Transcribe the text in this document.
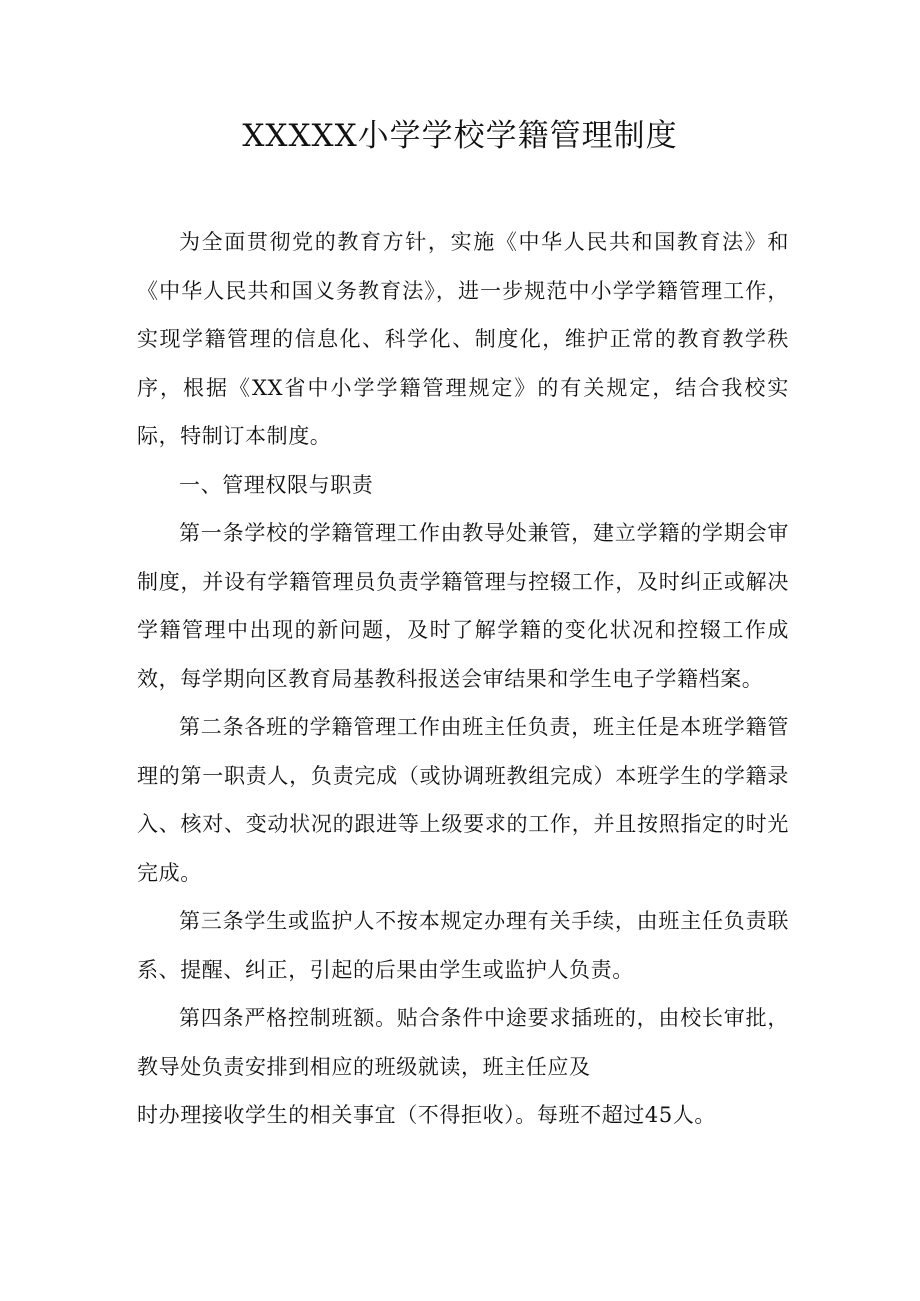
XXXXX小学学校学籍管理制度

为全面贯彻党的教育方针，实施《中华人民共和国教育法》和《中华人民共和国义务教育法》，进一步规范中小学学籍管理工作，实现学籍管理的信息化、科学化、制度化，维护正常的教育教学秩序，根据《XX省中小学学籍管理规定》的有关规定，结合我校实际，特制订本制度。

一、管理权限与职责

第一条学校的学籍管理工作由教导处兼管，建立学籍的学期会审制度，并设有学籍管理员负责学籍管理与控辍工作，及时纠正或解决学籍管理中出现的新问题，及时了解学籍的变化状况和控辍工作成效，每学期向区教育局基教科报送会审结果和学生电子学籍档案。

第二条各班的学籍管理工作由班主任负责，班主任是本班学籍管理的第一职责人，负责完成（或协调班教组完成）本班学生的学籍录入、核对、变动状况的跟进等上级要求的工作，并且按照指定的时光完成。

第三条学生或监护人不按本规定办理有关手续，由班主任负责联系、提醒、纠正，引起的后果由学生或监护人负责。

第四条严格控制班额。贴合条件中途要求插班的，由校长审批，教导处负责安排到相应的班级就读，班主任应及
时办理接收学生的相关事宜（不得拒收）。每班不超过45人。
